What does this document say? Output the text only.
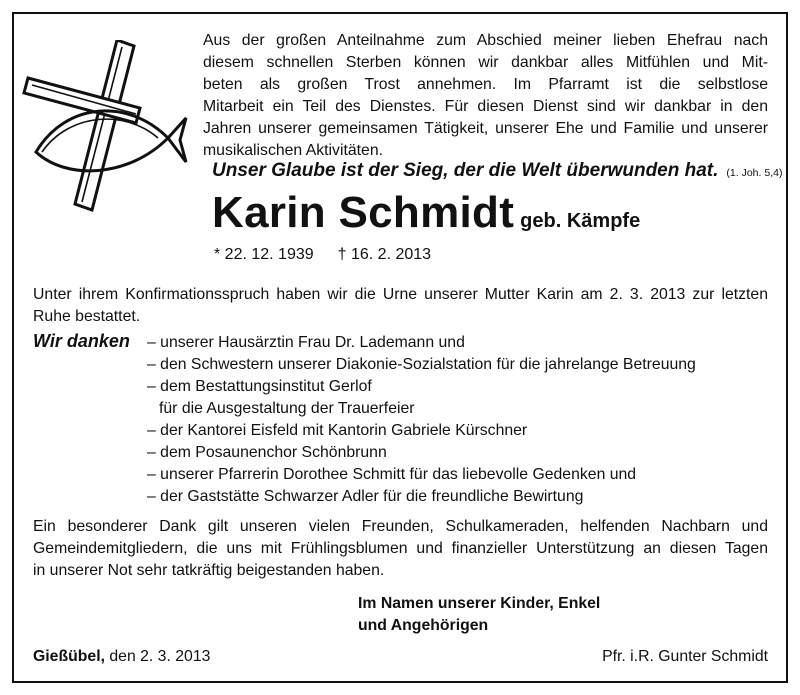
Aus der großen Anteilnahme zum Abschied meiner lieben Ehefrau nach
diesem schnellen Sterben können wir dankbar alles Mitfühlen und Mit-
beten als großen Trost annehmen. Im Pfarramt ist die selbstlose
Mitarbeit ein Teil des Dienstes. Für diesen Dienst sind wir dankbar in den
Jahren unserer gemeinsamen Tätigkeit, unserer Ehe und Familie und unserer
musikalischen Aktivitäten.
Unser Glaube ist der Sieg, der die Welt überwunden hat. (1. Joh. 5,4)
Karin Schmidt geb. Kämpfe
* 22. 12. 1939 † 16. 2. 2013
Unter ihrem Konfirmationsspruch haben wir die Urne unserer Mutter Karin am 2. 3. 2013 zur letzten Ruhe bestattet.
Wir danken – unserer Hausärztin Frau Dr. Lademann und
– den Schwestern unserer Diakonie-Sozialstation für die jahrelange Betreuung
– dem Bestattungsinstitut Gerlof
für die Ausgestaltung der Trauerfeier
– der Kantorei Eisfeld mit Kantorin Gabriele Kürschner
– dem Posaunenchor Schönbrunn
– unserer Pfarrerin Dorothee Schmitt für das liebevolle Gedenken und
– der Gaststätte Schwarzer Adler für die freundliche Bewirtung
Ein besonderer Dank gilt unseren vielen Freunden, Schulkameraden, helfenden Nachbarn und
Gemeindemitgliedern, die uns mit Frühlingsblumen und finanzieller Unterstützung an diesen Tagen
in unserer Not sehr tatkräftig beigestanden haben.
Im Namen unserer Kinder, Enkel
und Angehörigen
Gießübel, den 2. 3. 2013	Pfr. i.R. Gunter Schmidt
